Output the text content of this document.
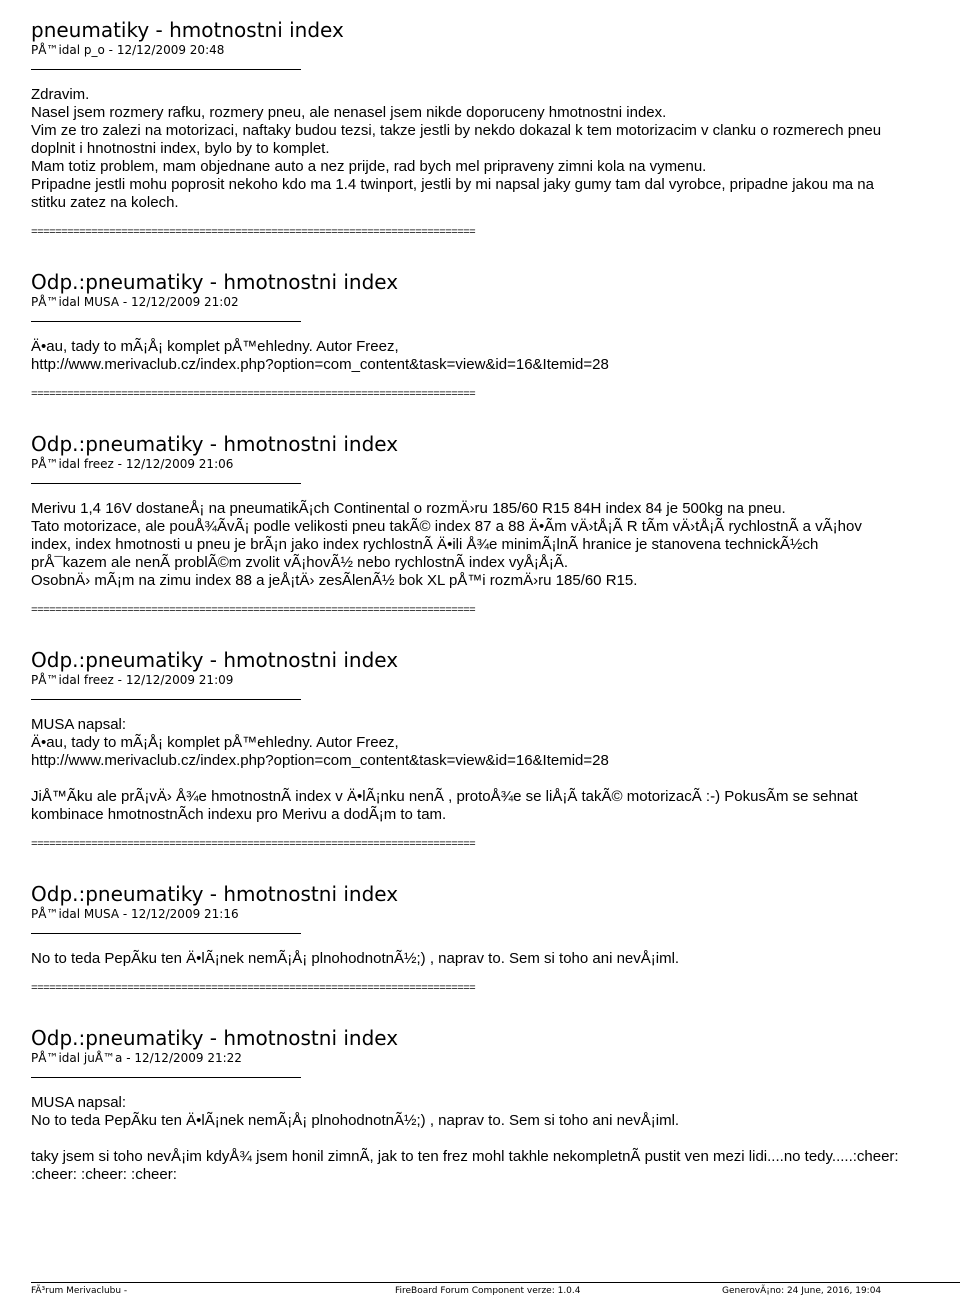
pneumatiky - hmotnostni index
PÅ™idal p_o - 12/12/2009 20:48
Zdravim.
Nasel jsem rozmery rafku, rozmery pneu, ale nenasel jsem nikde doporuceny hmotnostni index.
Vim ze tro zalezi na motorizaci, naftaky budou tezsi, takze jestli by nekdo dokazal k tem motorizacim v clanku o rozmerech pneu doplnit i hnotnostni index, bylo by to komplet.
Mam totiz problem, mam objednane auto a nez prijde, rad bych mel pripraveny zimni kola na vymenu.
Pripadne jestli mohu poprosit nekoho kdo ma 1.4 twinport, jestli by mi napsal jaky gumy tam dal vyrobce, pripadne jakou ma na stitku zatez na kolech.
==========================================================================
Odp.:pneumatiky - hmotnostni index
PÅ™idal MUSA - 12/12/2009 21:02
Ä•au, tady to mÃ¡Å¡ komplet pÅ™ehledny. Autor Freez,
http://www.merivaclub.cz/index.php?option=com_content&task=view&id=16&Itemid=28
==========================================================================
Odp.:pneumatiky - hmotnostni index
PÅ™idal freez - 12/12/2009 21:06
Merivu 1,4 16V dostaneÅ¡ na pneumatikÃ¡ch Continental o rozmÄ›ru 185/60 R15 84H index 84 je 500kg na pneu.
Tato motorizace, ale pouÅ¾ÃvÃ¡ podle velikosti pneu takÃ© index 87 a 88 Ä•Ãm vÄ›tÅ¡Ã R tÃm vÄ›tÅ¡Ã rychlostnÃ a vÃ¡hov
index, index hmotnosti u pneu je brÃ¡n jako index rychlostnÃ Ä•ili Å¾e minimÃ¡lnÃ hranice je stanovena technickÃ½ch
prÅ¯kazem ale nenÃ problÃ©m zvolit vÃ¡hovÃ½ nebo rychlostnÃ index vyÅ¡Å¡Ã.
OsobnÄ› mÃ¡m na zimu index 88 a jeÅ¡tÄ› zesÃlenÃ½ bok XL pÅ™i rozmÄ›ru 185/60 R15.
==========================================================================
Odp.:pneumatiky - hmotnostni index
PÅ™idal freez - 12/12/2009 21:09
MUSA napsal:
Ä•au, tady to mÃ¡Å¡ komplet pÅ™ehledny. Autor Freez,
http://www.merivaclub.cz/index.php?option=com_content&task=view&id=16&Itemid=28
JiÅ™Ãku ale prÃ¡vÄ› Å¾e hmotnostnÃ index v Ä•lÃ¡nku nenÃ , protoÅ¾e se liÅ¡Ã takÃ© motorizacÃ :-) PokusÃm se sehnat
kombinace hmotnostnÃch indexu pro Merivu a dodÃ¡m to tam.
==========================================================================
Odp.:pneumatiky - hmotnostni index
PÅ™idal MUSA - 12/12/2009 21:16
No to teda PepÃku ten Ä•lÃ¡nek nemÃ¡Å¡ plnohodnotnÃ½;) , naprav to. Sem si toho ani nevÅ¡iml.
==========================================================================
Odp.:pneumatiky - hmotnostni index
PÅ™idal juÅ™a - 12/12/2009 21:22
MUSA napsal:
No to teda PepÃku ten Ä•lÃ¡nek nemÃ¡Å¡ plnohodnotnÃ½;) , naprav to. Sem si toho ani nevÅ¡iml.
taky jsem si toho nevÅ¡im kdyÅ¾ jsem honil zimnÃ, jak to ten frez mohl takhle nekompletnÃ pustit ven mezi lidi....no tedy.....:cheer: :cheer: :cheer: :cheer:
FÃ³rum Merivaclubu -	FireBoard Forum Component verze: 1.0.4	GenerovÃ¡no: 24 June, 2016, 19:04
